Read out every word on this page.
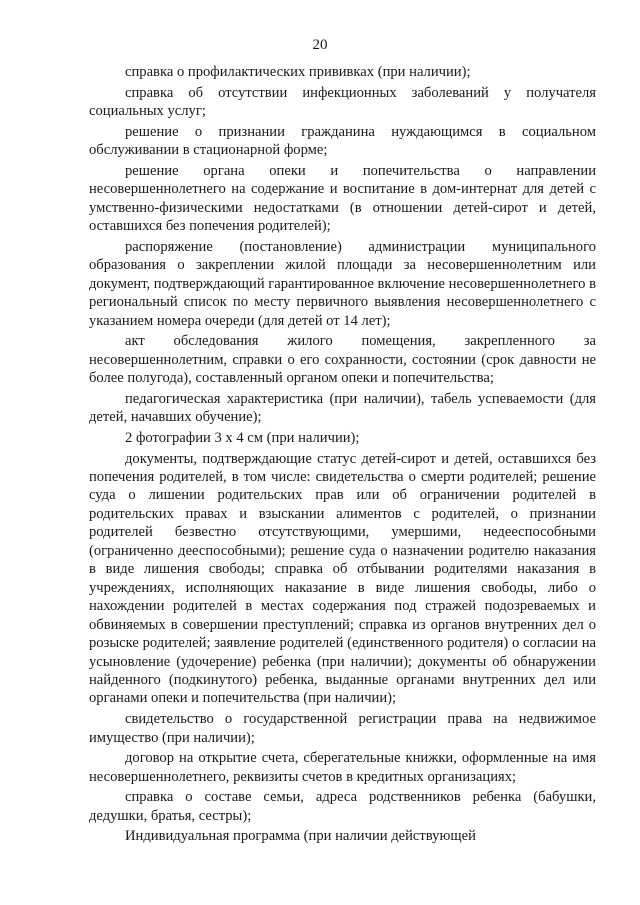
20

справка о профилактических прививках (при наличии);

справка об отсутствии инфекционных заболеваний у получателя социальных услуг;

решение о признании гражданина нуждающимся в социальном обслуживании в стационарной форме;

решение органа опеки и попечительства о направлении несовершеннолетнего на содержание и воспитание в дом-интернат для детей с умственно-физическими недостатками (в отношении детей-сирот и детей, оставшихся без попечения родителей);

распоряжение (постановление) администрации муниципального образования о закреплении жилой площади за несовершеннолетним или документ, подтверждающий гарантированное включение несовершеннолетнего в региональный список по месту первичного выявления несовершеннолетнего с указанием номера очереди (для детей от 14 лет);

акт обследования жилого помещения, закрепленного за несовершеннолетним, справки о его сохранности, состоянии (срок давности не более полугода), составленный органом опеки и попечительства;

педагогическая характеристика (при наличии), табель успеваемости (для детей, начавших обучение);

2 фотографии 3 х 4 см (при наличии);

документы, подтверждающие статус детей-сирот и детей, оставшихся без попечения родителей, в том числе: свидетельства о смерти родителей; решение суда о лишении родительских прав или об ограничении родителей в родительских правах и взыскании алиментов с родителей, о признании родителей безвестно отсутствующими, умершими, недееспособными (ограниченно дееспособными); решение суда о назначении родителю наказания в виде лишения свободы; справка об отбывании родителями наказания в учреждениях, исполняющих наказание в виде лишения свободы, либо о нахождении родителей в местах содержания под стражей подозреваемых и обвиняемых в совершении преступлений; справка из органов внутренних дел о розыске родителей; заявление родителей (единственного родителя) о согласии на усыновление (удочерение) ребенка (при наличии); документы об обнаружении найденного (подкинутого) ребенка, выданные органами внутренних дел или органами опеки и попечительства (при наличии);

свидетельство о государственной регистрации права на недвижимое имущество (при наличии);

договор на открытие счета, сберегательные книжки, оформленные на имя несовершеннолетнего, реквизиты счетов в кредитных организациях;

справка о составе семьи, адреса родственников ребенка (бабушки, дедушки, братья, сестры);

Индивидуальная программа (при наличии действующей
